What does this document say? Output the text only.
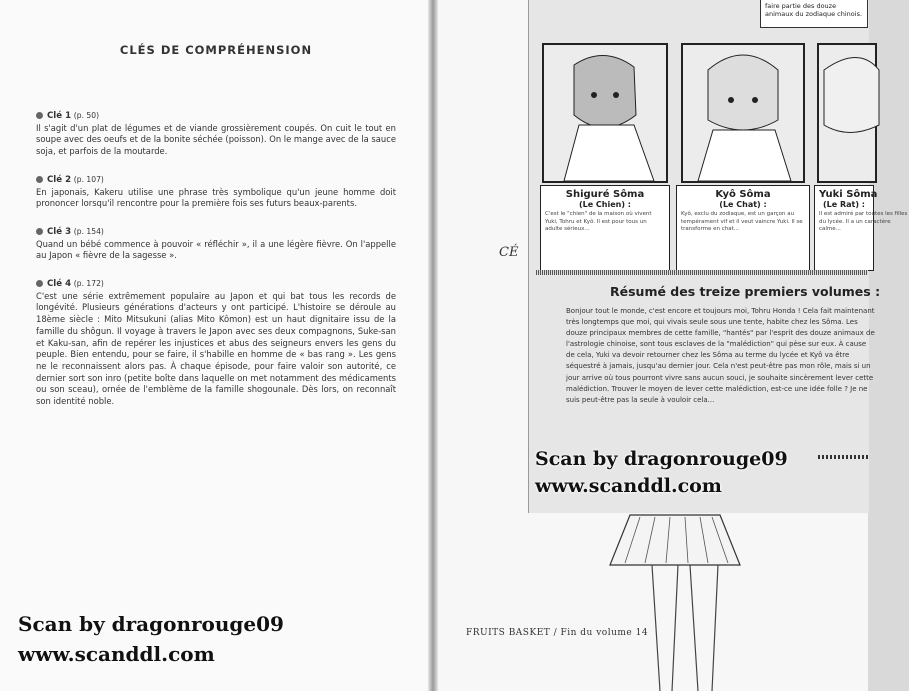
CLÉS DE COMPRÉHENSION
Clé 1 (p. 50)

Il s'agit d'un plat de légumes et de viande grossièrement coupés. On cuit le tout en soupe avec des oeufs et de la bonite séchée (poisson). On le mange avec de la sauce soja, et parfois de la moutarde.

Clé 2 (p. 107)

En japonais, Kakeru utilise une phrase très symbolique qu'un jeune homme doit prononcer lorsqu'il rencontre pour la première fois ses futurs beaux-parents.

Clé 3 (p. 154)

Quand un bébé commence à pouvoir « réfléchir », il a une légère fièvre. On l'appelle au Japon « fièvre de la sagesse ».

Clé 4 (p. 172)

C'est une série extrêmement populaire au Japon et qui bat tous les records de longévité. Plusieurs générations d'acteurs y ont participé. L'histoire se déroule au 18ème siècle : Mito Mitsukuni (alias Mito Kômon) est un haut dignitaire issu de la famille du shôgun. Il voyage à travers le Japon avec ses deux compagnons, Suke-san et Kaku-san, afin de repérer les injustices et abus des seigneurs envers les gens du peuple. Bien entendu, pour se faire, il s'habille en homme de « bas rang ». Les gens ne le reconnaissent alors pas. À chaque épisode, pour faire valoir son autorité, ce dernier sort son inro (petite boîte dans laquelle on met notamment des médicaments ou son sceau), ornée de l'emblème de la famille shogounale. Dès lors, on reconnaît son identité noble.

Scan by dragonrouge09
www.scanddl.com
CÉ
faire partie des douze animaux du zodiaque chinois.
Shiguré Sôma
(Le Chien) :
C'est le "chien" de la maison où vivent Yuki, Tohru et Kyô. Il est pour tous un adulte sérieux...
Kyô Sôma
(Le Chat) :
Kyô, exclu du zodiaque, est un garçon au tempérament vif et il veut vaincre Yuki. Il se transforme en chat...
Yuki Sôma
(Le Rat) :
Il est admiré par toutes les filles du lycée. Il a un caractère calme...
Résumé des treize premiers volumes :
Bonjour tout le monde, c'est encore et toujours moi, Tohru Honda ! Cela fait maintenant très longtemps que moi, qui vivais seule sous une tente, habite chez les Sôma. Les douze principaux membres de cette famille, "hantés" par l'esprit des douze animaux de l'astrologie chinoise, sont tous esclaves de la "malédiction" qui pèse sur eux. À cause de cela, Yuki va devoir retourner chez les Sôma au terme du lycée et Kyô va être séquestré à jamais, jusqu'au dernier jour. Cela n'est peut-être pas mon rôle, mais si un jour arrive où tous pourront vivre sans aucun souci, je souhaite sincèrement lever cette malédiction. Trouver le moyen de lever cette malédiction, est-ce une idée folle ? Je ne suis peut-être pas la seule à vouloir cela...
Scan by dragonrouge09
www.scanddl.com
FRUITS BASKET / Fin du volume 14
